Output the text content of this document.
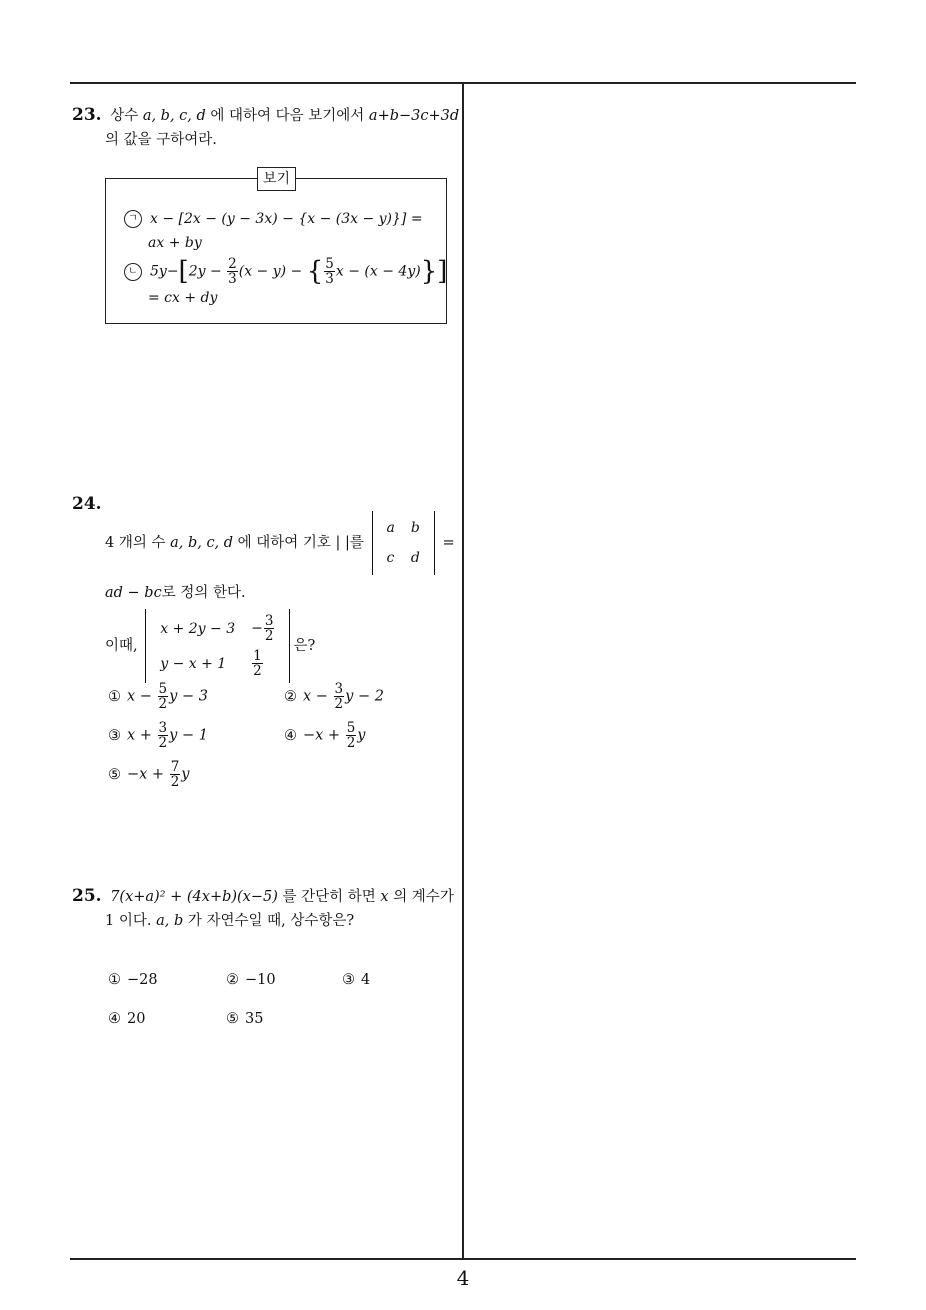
4
23. 상수 a, b, c, d 에 대하여 다음 보기에서 a+b−3c+3d
의 값을 구하여라.
보기
ㄱ x − [2x − (y − 3x) − {x − (3x − y)}] =
ax + by
ㄴ $5y-[2y - \frac{2}{3} (x - y)$ − { $\frac{5}{3}$ x − (x − 4y)}]
= cx + dy
24.
4 개의 수 a, b, c, d 에 대하여 기호 | |를
a	b
c	d
=
ad − bc로 정의 한다.
이때,
x + 2y − 3	− $\frac{3}{2}$

y − x + 1	$\frac{1}{2}$
은?
① $x - \frac{5}{2}$ y − 3	② $x - \frac{3}{2}$ y − 2
③ $x + \frac{3}{2}$ y − 1	④ $-x + \frac{5}{2}$ y
⑤ $-x + \frac{7}{2}$ y
25. 7(x+a)² + (4x+b)(x−5) 를 간단히 하면 x 의 계수가
1 이다. a, b 가 자연수일 때, 상수항은?
① −28	② −10	③ 4
④ 20	⑤ 35
